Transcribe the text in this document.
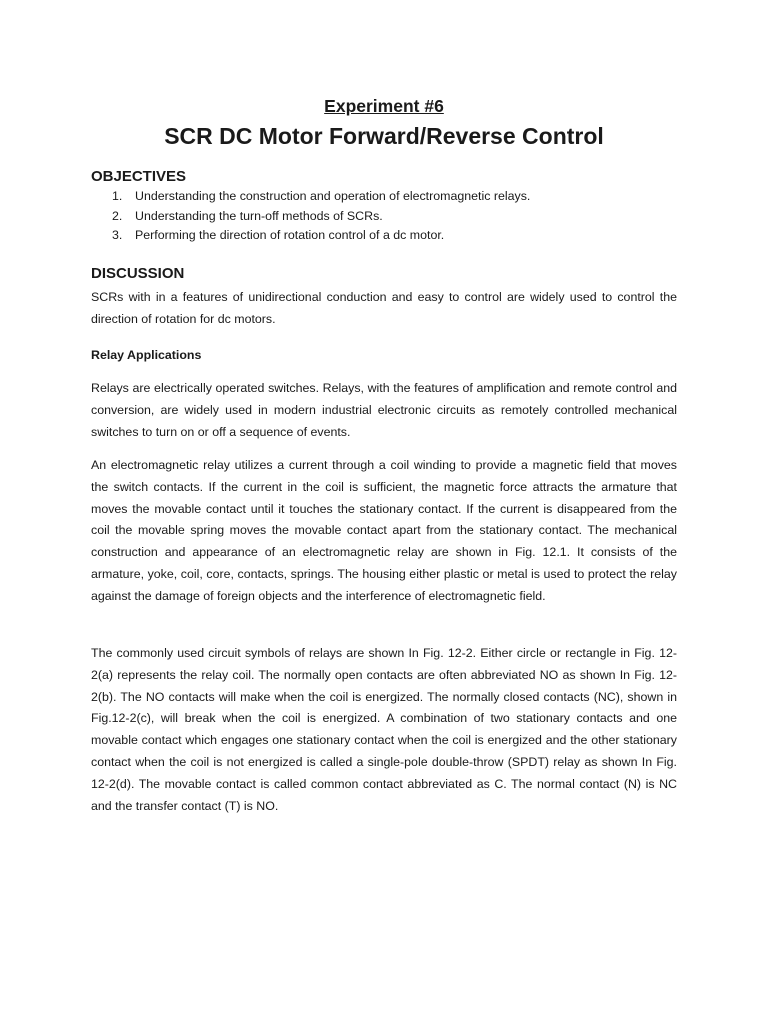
Experiment #6
SCR DC Motor Forward/Reverse Control
OBJECTIVES
1.	Understanding the construction and operation of electromagnetic relays.
2.	Understanding the turn-off methods of SCRs.
3.	Performing the direction of rotation control of a dc motor.
DISCUSSION

SCRs with in a features of unidirectional conduction and easy to control are widely used to control the direction of rotation for dc motors.

Relay Applications

Relays are electrically operated switches. Relays, with the features of amplification and remote control and conversion, are widely used in modern industrial electronic circuits as remotely controlled mechanical switches to turn on or off a sequence of events.

An electromagnetic relay utilizes a current through a coil winding to provide a magnetic field that moves the switch contacts. If the current in the coil is sufficient, the magnetic force attracts the armature that moves the movable contact until it touches the stationary contact. If the current is disappeared from the coil the movable spring moves the movable contact apart from the stationary contact. The mechanical construction and appearance of an electromagnetic relay are shown in Fig. 12.1. It consists of the armature, yoke, coil, core, contacts, springs. The housing either plastic or metal is used to protect the relay against the damage of foreign objects and the interference of electromagnetic field.

The commonly used circuit symbols of relays are shown In Fig. 12-2. Either circle or rectangle in Fig. 12-2(a) represents the relay coil. The normally open contacts are often abbreviated NO as shown In Fig. 12-2(b). The NO contacts will make when the coil is energized. The normally closed contacts (NC), shown in Fig.12-2(c), will break when the coil is energized. A combination of two stationary contacts and one movable contact which engages one stationary contact when the coil is energized and the other stationary contact when the coil is not energized is called a single-pole double-throw (SPDT) relay as shown In Fig. 12-2(d). The movable contact is called common contact abbreviated as C. The normal contact (N) is NC and the transfer contact (T) is NO.
